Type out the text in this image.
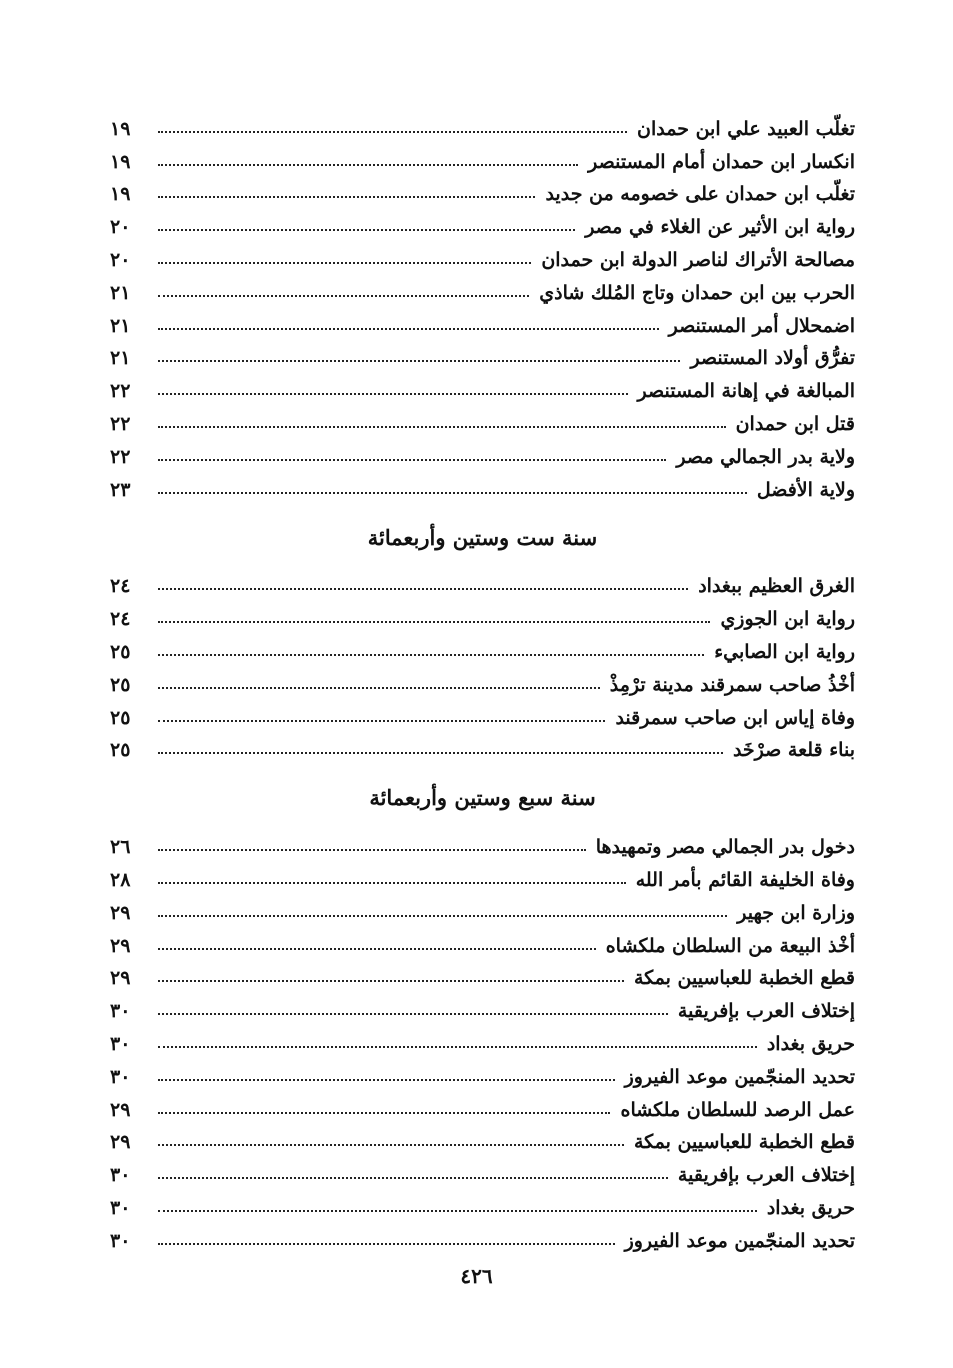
تغلّب العبيد علي ابن حمدان
١٩
انكسار ابن حمدان أمام المستنصر
١٩
تغلّب ابن حمدان على خصومه من جديد
١٩
رواية ابن الأثير عن الغلاء في مصر
٢٠
مصالحة الأتراك لناصر الدولة ابن حمدان
٢٠
الحرب بين ابن حمدان وتاج المُلك شاذي
٢١
اضمحلال أمر المستنصر
٢١
تفرُّق أولاد المستنصر
٢١
المبالغة في إهانة المستنصر
٢٢
قتل ابن حمدان
٢٢
ولاية بدر الجمالي مصر
٢٢
ولاية الأفضل
٢٣
سنة ست وستين وأربعمائة
الغرق العظيم ببغداد
٢٤
رواية ابن الجوزي
٢٤
رواية ابن الصابيء
٢٥
أخْذُ صاحب سمرقند مدينة ترْمِذْ
٢٥
وفاة إياس ابن صاحب سمرقند
٢٥
بناء قلعة صرْخَد
٢٥
سنة سبع وستين وأربعمائة
دخول بدر الجمالي مصر وتمهيدها
٢٦
وفاة الخليفة القائم بأمر الله
٢٨
وزارة ابن جهير
٢٩
أخْذ البيعة من السلطان ملكشاه
٢٩
قطع الخطبة للعباسيين بمكة
٢٩
إختلاف العرب بإفريقية
٣٠
حريق بغداد
٣٠
تحديد المنجّمين موعد الفيروز
٣٠
عمل الرصد للسلطان ملكشاه
٢٩
قطع الخطبة للعباسيين بمكة
٢٩
إختلاف العرب بإفريقية
٣٠
حريق بغداد
٣٠
تحديد المنجّمين موعد الفيروز
٣٠
٤٢٦
